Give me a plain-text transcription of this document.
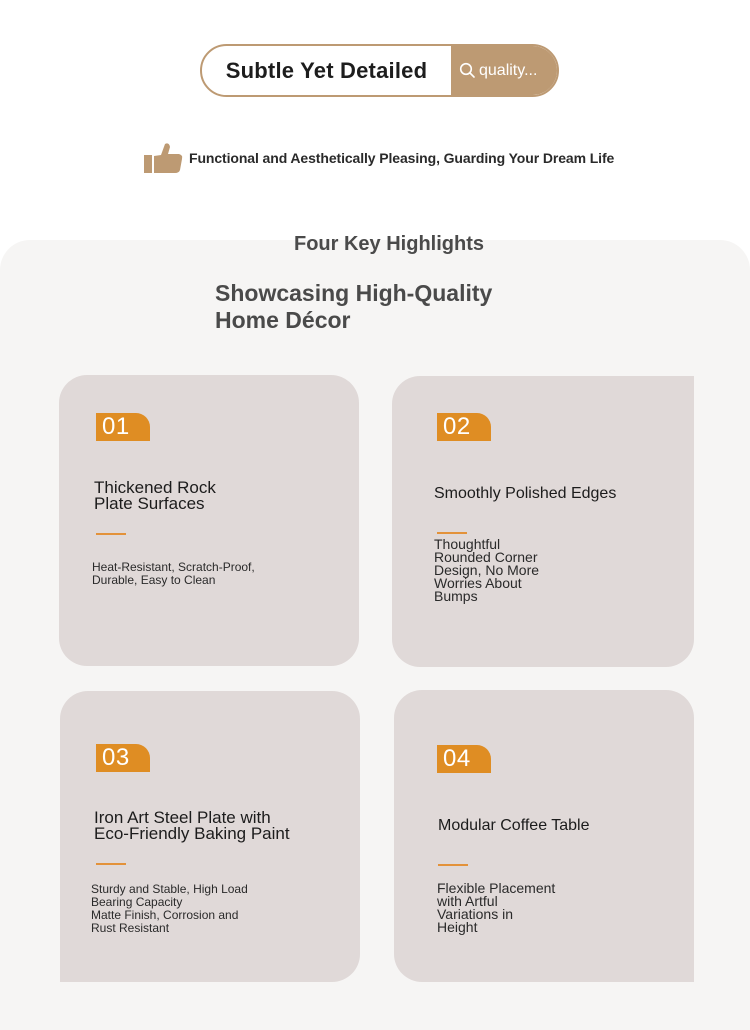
Subtle Yet Detailed	quality...
Functional and Aesthetically Pleasing, Guarding Your Dream Life
Four Key Highlights
Showcasing High-Quality
Home Décor
01
Thickened Rock
Plate Surfaces
Heat-Resistant, Scratch-Proof,
Durable, Easy to Clean
02
Smoothly Polished Edges
Thoughtful
Rounded Corner
Design, No More
Worries About
Bumps
03
Iron Art Steel Plate with
Eco-Friendly Baking Paint
Sturdy and Stable, High Load
Bearing Capacity
Matte Finish, Corrosion and
Rust Resistant
04
Modular Coffee Table
Flexible Placement
with Artful
Variations in
Height
